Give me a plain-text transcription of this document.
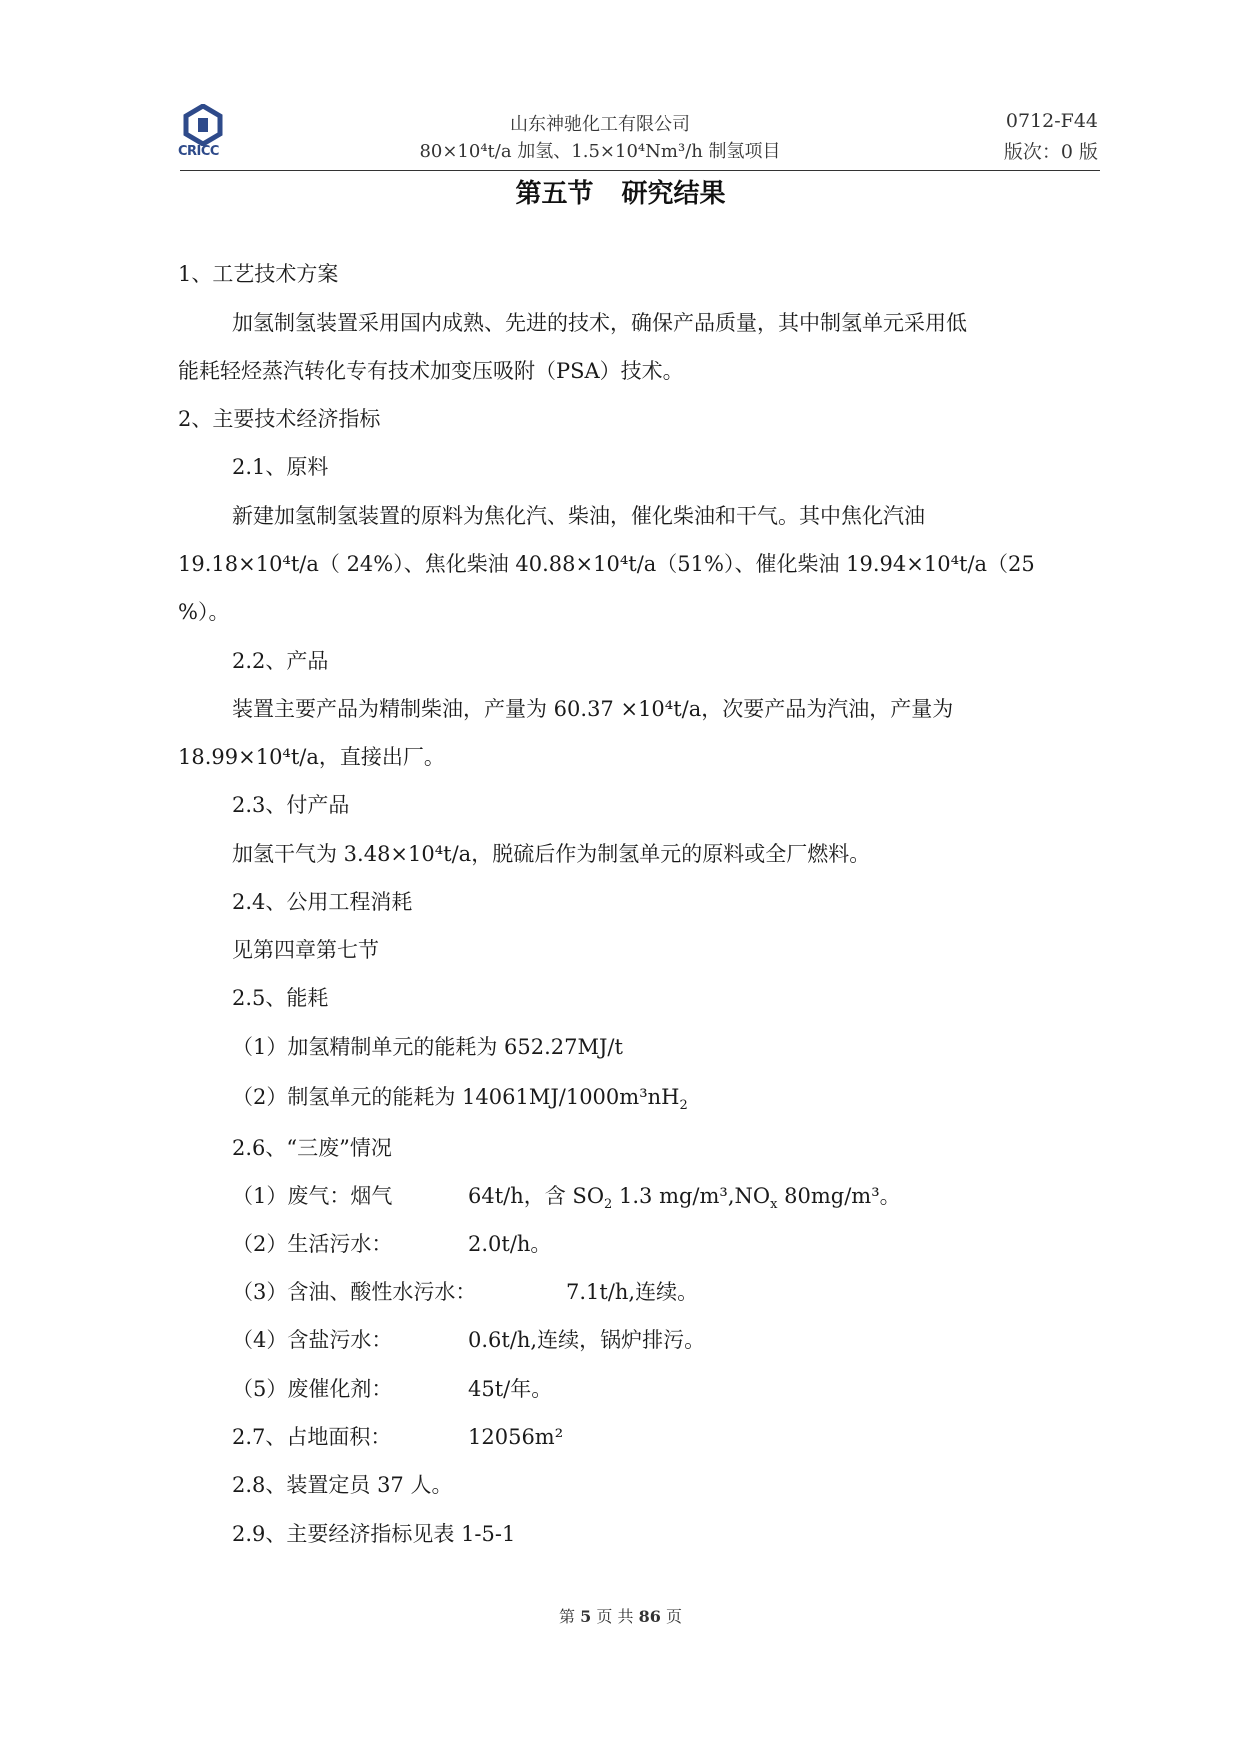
CRICC
山东神驰化工有限公司
80×10⁴t/a 加氢、1.5×10⁴Nm³/h 制氢项目
0712-F44
版次：0 版
第五节 研究结果
1、工艺技术方案
加氢制氢装置采用国内成熟、先进的技术，确保产品质量，其中制氢单元采用低
能耗轻烃蒸汽转化专有技术加变压吸附（PSA）技术。
2、主要技术经济指标
2.1、原料
新建加氢制氢装置的原料为焦化汽、柴油，催化柴油和干气。其中焦化汽油
19.18×10⁴t/a（ 24%）、焦化柴油 40.88×10⁴t/a（51%）、催化柴油 19.94×10⁴t/a（25
%）。
2.2、产品
装置主要产品为精制柴油，产量为 60.37 ×10⁴t/a，次要产品为汽油，产量为
18.99×10⁴t/a，直接出厂。
2.3、付产品
加氢干气为 3.48×10⁴t/a，脱硫后作为制氢单元的原料或全厂燃料。
2.4、公用工程消耗
见第四章第七节
2.5、能耗
（1）加氢精制单元的能耗为 652.27MJ/t
（2）制氢单元的能耗为 $14061MJ/1000m^3nH_2$
2.6、“三废”情况
（1）废气：烟气	64t/h，含 $SO_2$ 1.3 $mg/m^3,NO_x$ 80mg/m³。
（2）生活污水：	2.0t/h。
（3）含油、酸性水污水：	7.1t/h,连续。
（4）含盐污水：	0.6t/h,连续，锅炉排污。
（5）废催化剂：	45t/年。
2.7、占地面积：	12056m²
2.8、装置定员 37 人。
2.9、主要经济指标见表 1-5-1
第 5 页 共 86 页
